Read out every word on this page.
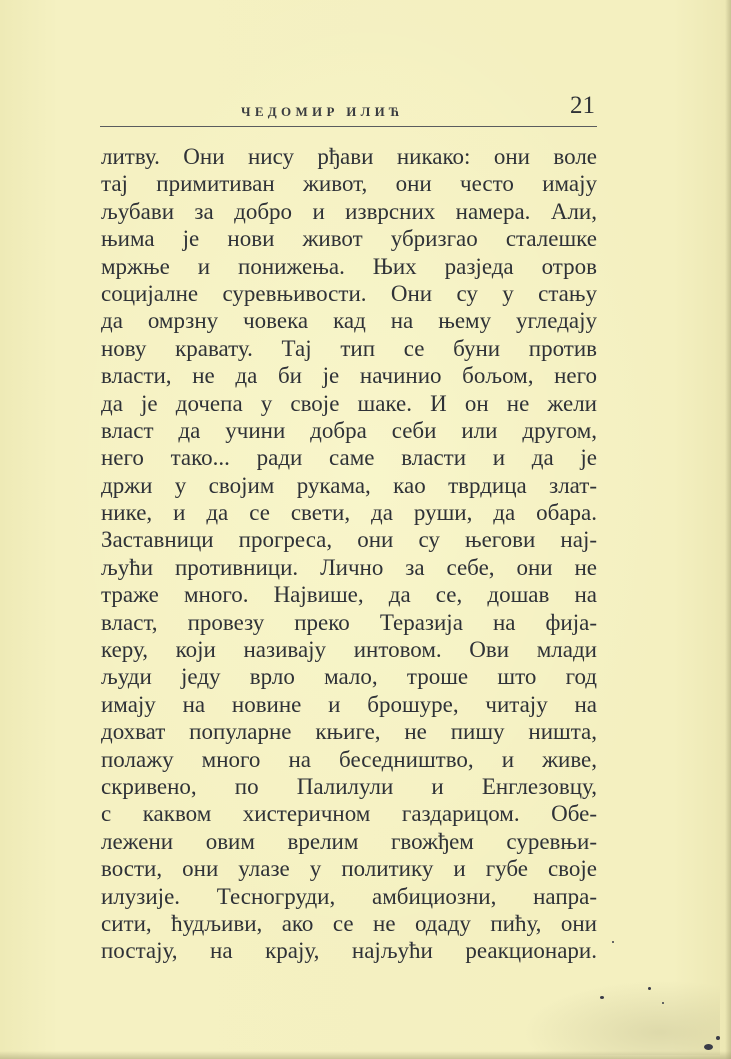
ЧЕДОМИР ИЛИЋ	21
литву. Они нису рђави никако: они воле
тај примитиван живот, они често имају
љубави за добро и изврсних намера. Али,
њима је нови живот убризгао сталешке
мржње и понижења. Њих разједа отров
социјалне суревњивости. Они су у стању
да омрзну човека кад на њему угледају
нову кравату. Тај тип се буни против
власти, не да би је начинио бољом, него
да је дочепа у своје шаке. И он не жели
власт да учини добра себи или другом,
него тако... ради саме власти и да је
држи у својим рукама, као тврдица злат-
нике, и да се свети, да руши, да обара.
Заставници прогреса, они су његови нај-
љући противници. Лично за себе, они не
траже много. Највише, да се, дошав на
власт, провезу преко Теразија на фија-
керу, који називају интовом. Ови млади
људи једу врло мало, троше што год
имају на новине и брошуре, читају на
дохват популарне књиге, не пишу ништа,
полажу много на беседништво, и живе,
скривено, по Палилули и Енглезовцу,
с каквом хистеричном газдарицом. Обе-
лежени овим врелим гвожђем суревњи-
вости, они улазе у политику и губе своје
илузије. Тесногруди, амбициозни, напра-
сити, ћудљиви, ако се не одаду пићу, они
постају, на крају, најљући реакционари.
